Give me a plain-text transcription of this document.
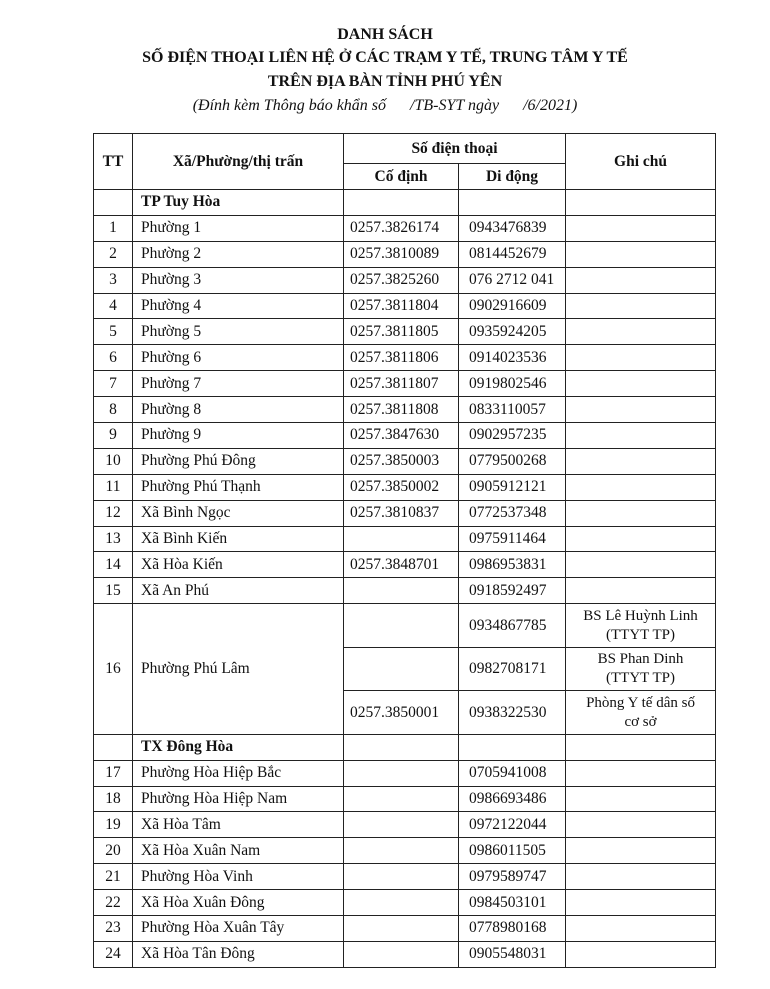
DANH SÁCH
SỐ ĐIỆN THOẠI LIÊN HỆ Ở CÁC TRẠM Y TẾ, TRUNG TÂM Y TẾ
TRÊN ĐỊA BÀN TỈNH PHÚ YÊN
(Đính kèm Thông báo khẩn số      /TB-SYT ngày      /6/2021)
TT	Xã/Phường/thị trấn	Số điện thoại		Ghi chú
		Cố định	Di động	
	TP Tuy Hòa			
1	Phường 1	0257.3826174	0943476839	
2	Phường 2	0257.3810089	0814452679	
3	Phường 3	0257.3825260	076 2712 041	
4	Phường 4	0257.3811804	0902916609	
5	Phường 5	0257.3811805	0935924205	
6	Phường 6	0257.3811806	0914023536	
7	Phường 7	0257.3811807	0919802546	
8	Phường 8	0257.3811808	0833110057	
9	Phường 9	0257.3847630	0902957235	
10	Phường Phú Đông	0257.3850003	0779500268	
11	Phường Phú Thạnh	0257.3850002	0905912121	
12	Xã Bình Ngọc	0257.3810837	0772537348	
13	Xã Bình Kiến		0975911464	
14	Xã Hòa Kiến	0257.3848701	0986953831	
15	Xã An Phú		0918592497	
16	Phường Phú Lâm		0934867785	BS Lê Huỳnh Linh
(TTYT TP)

			0982708171	BS Phan Dinh
(TTYT TP)

		0257.3850001	0938322530	Phòng Y tế dân số
cơ sở

	TX Đông Hòa			
17	Phường Hòa Hiệp Bắc		0705941008	
18	Phường Hòa Hiệp Nam		0986693486	
19	Xã Hòa Tâm		0972122044	
20	Xã Hòa Xuân Nam		0986011505	
21	Phường Hòa Vinh		0979589747	
22	Xã Hòa Xuân Đông		0984503101	
23	Phường Hòa Xuân Tây		0778980168	
24	Xã Hòa Tân Đông		0905548031	
